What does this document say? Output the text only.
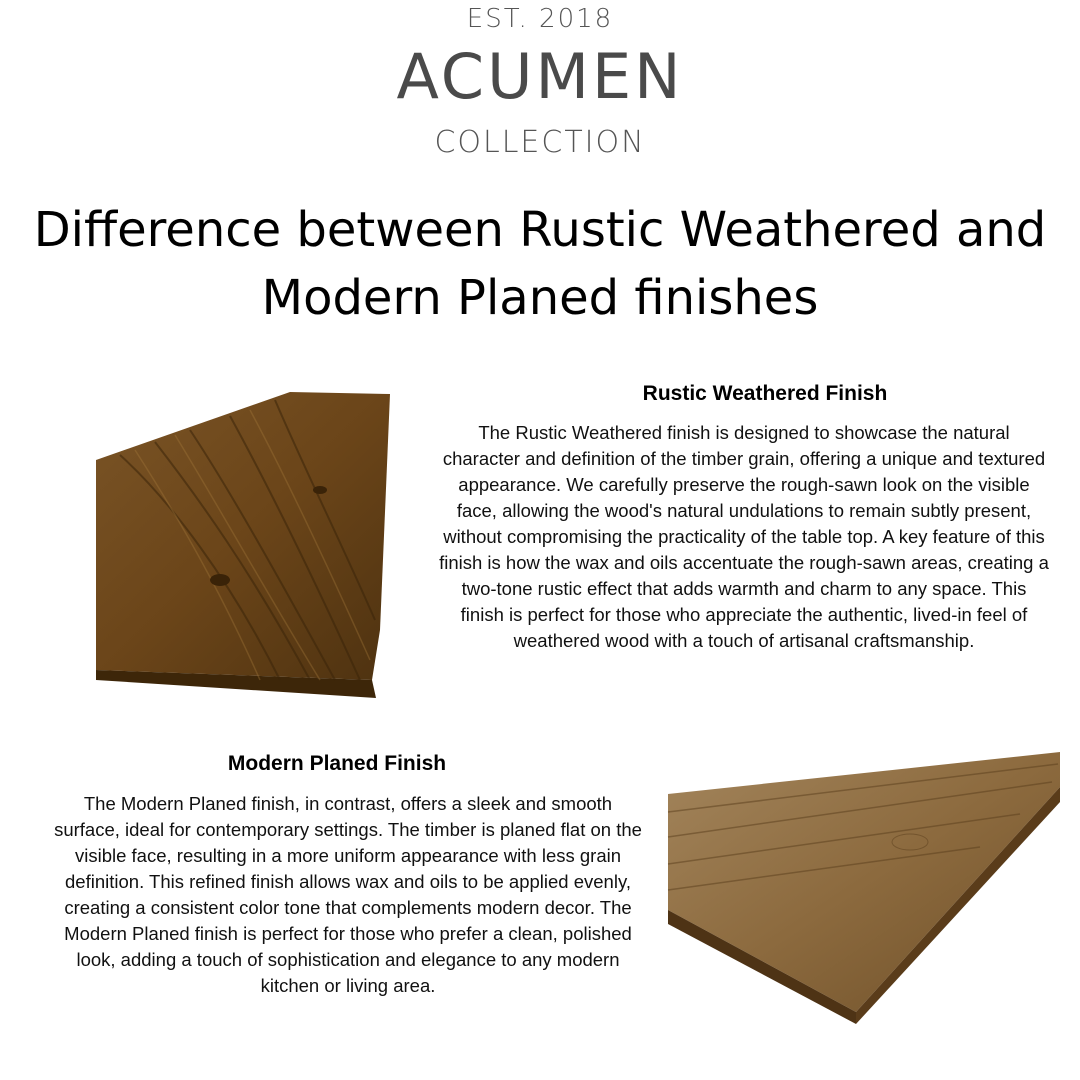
EST. 2018
ACUMEN
COLLECTION
Difference between Rustic Weathered and Modern Planed finishes
Rustic Weathered Finish
The Rustic Weathered finish is designed to showcase the natural character and definition of the timber grain, offering a unique and textured appearance. We carefully preserve the rough-sawn look on the visible face, allowing the wood's natural undulations to remain subtly present, without compromising the practicality of the table top. A key feature of this finish is how the wax and oils accentuate the rough-sawn areas, creating a two-tone rustic effect that adds warmth and charm to any space. This finish is perfect for those who appreciate the authentic, lived-in feel of weathered wood with a touch of artisanal craftsmanship.
Modern Planed Finish
The Modern Planed finish, in contrast, offers a sleek and smooth surface, ideal for contemporary settings. The timber is planed flat on the visible face, resulting in a more uniform appearance with less grain definition. This refined finish allows wax and oils to be applied evenly, creating a consistent color tone that complements modern decor. The Modern Planed finish is perfect for those who prefer a clean, polished look, adding a touch of sophistication and elegance to any modern kitchen or living area.
